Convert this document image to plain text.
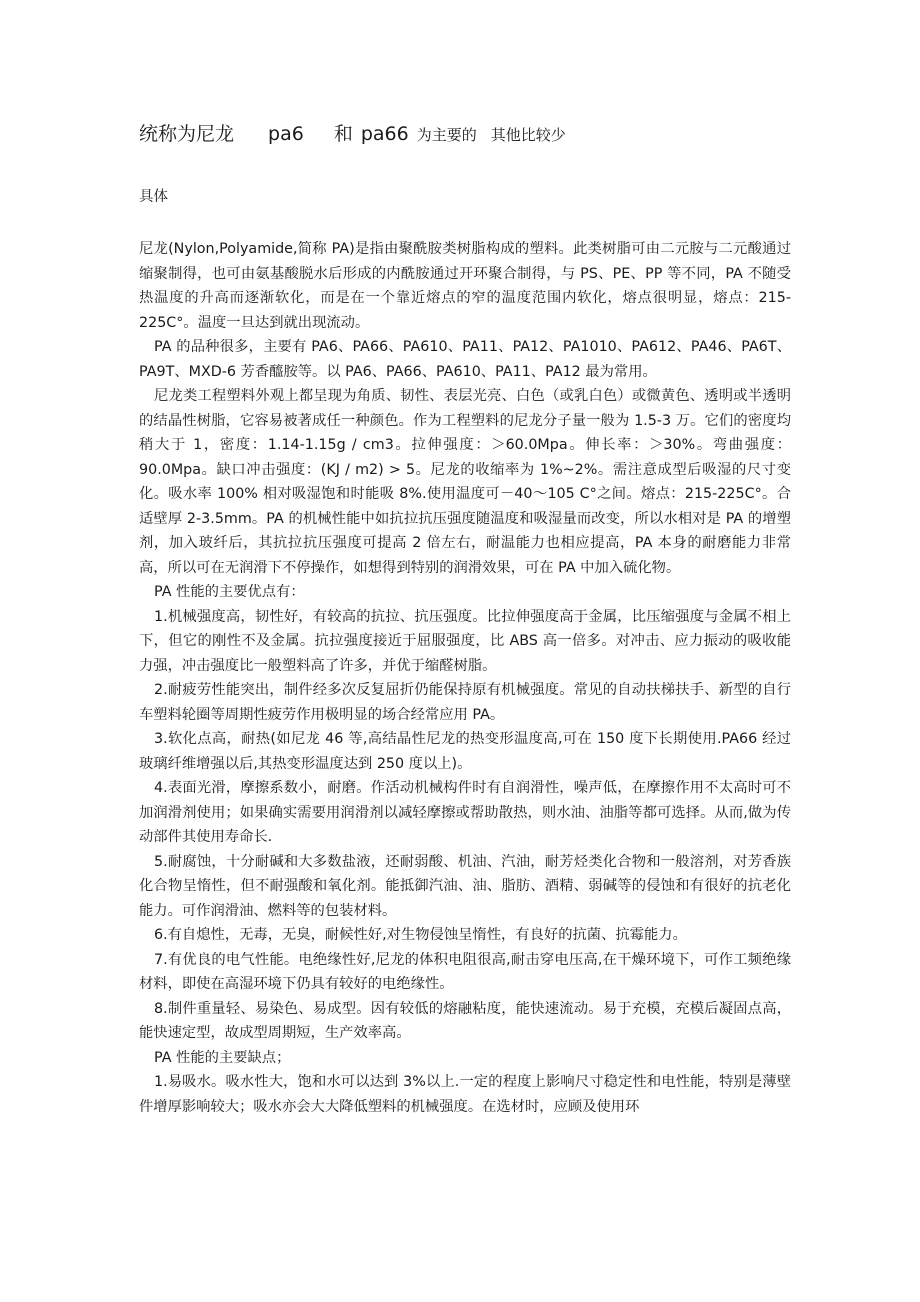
统称为尼龙 pa6 和 pa66 为主要的 其他比较少
具体

尼龙(Nylon,Polyamide,简称 PA)是指由聚酰胺类树脂构成的塑料。此类树脂可由二元胺与二元酸通过缩聚制得，也可由氨基酸脱水后形成的内酰胺通过开环聚合制得，与 PS、PE、PP 等不同，PA 不随受热温度的升高而逐渐软化，而是在一个靠近熔点的窄的温度范围内软化，熔点很明显，熔点：215-225C°。温度一旦达到就出现流动。

PA 的品种很多，主要有 PA6、PA66、PA610、PA11、PA12、PA1010、PA612、PA46、PA6T、PA9T、MXD-6 芳香醯胺等。以 PA6、PA66、PA610、PA11、PA12 最为常用。

尼龙类工程塑料外观上都呈现为角质、韧性、表层光亮、白色（或乳白色）或微黄色、透明或半透明的结晶性树脂，它容易被著成任一种颜色。作为工程塑料的尼龙分子量一般为 1.5-3 万。它们的密度均稍大于 1，密度：1.14-1.15g / cm3。拉伸强度：＞60.0Mpa。伸长率：＞30%。弯曲强度：90.0Mpa。缺口冲击强度：(KJ / m2) > 5。尼龙的收缩率为 1%~2%。需注意成型后吸湿的尺寸变化。吸水率 100% 相对吸湿饱和时能吸 8%.使用温度可－40～105 C°之间。熔点：215-225C°。合适壁厚 2-3.5mm。PA 的机械性能中如抗拉抗压强度随温度和吸湿量而改变，所以水相对是 PA 的增塑剂，加入玻纤后，其抗拉抗压强度可提高 2 倍左右，耐温能力也相应提高，PA 本身的耐磨能力非常高，所以可在无润滑下不停操作，如想得到特别的润滑效果，可在 PA 中加入硫化物。

PA 性能的主要优点有：

1.机械强度高，韧性好，有较高的抗拉、抗压强度。比拉伸强度高于金属，比压缩强度与金属不相上下，但它的刚性不及金属。抗拉强度接近于屈服强度，比 ABS 高一倍多。对冲击、应力振动的吸收能力强，冲击强度比一般塑料高了许多，并优于缩醛树脂。

2.耐疲劳性能突出，制件经多次反复屈折仍能保持原有机械强度。常见的自动扶梯扶手、新型的自行车塑料轮圈等周期性疲劳作用极明显的场合经常应用 PA。

3.软化点高，耐热(如尼龙 46 等,高结晶性尼龙的热变形温度高,可在 150 度下长期使用.PA66 经过玻璃纤维增强以后,其热变形温度达到 250 度以上)。

4.表面光滑，摩擦系数小，耐磨。作活动机械构件时有自润滑性，噪声低，在摩擦作用不太高时可不加润滑剂使用；如果确实需要用润滑剂以减轻摩擦或帮助散热，则水油、油脂等都可选择。从而,做为传动部件其使用寿命长.

5.耐腐蚀，十分耐碱和大多数盐液，还耐弱酸、机油、汽油，耐芳烃类化合物和一般溶剂，对芳香族化合物呈惰性，但不耐强酸和氧化剂。能抵御汽油、油、脂肪、酒精、弱碱等的侵蚀和有很好的抗老化能力。可作润滑油、燃料等的包装材料。

6.有自熄性，无毒，无臭，耐候性好,对生物侵蚀呈惰性，有良好的抗菌、抗霉能力。

7.有优良的电气性能。电绝缘性好,尼龙的体积电阻很高,耐击穿电压高,在干燥环境下，可作工频绝缘材料，即使在高湿环境下仍具有较好的电绝缘性。

8.制件重量轻、易染色、易成型。因有较低的熔融粘度，能快速流动。易于充模，充模后凝固点高，能快速定型，故成型周期短，生产效率高。

PA 性能的主要缺点；

1.易吸水。吸水性大，饱和水可以达到 3%以上.一定的程度上影响尺寸稳定性和电性能，特别是薄壁件增厚影响较大；吸水亦会大大降低塑料的机械强度。在选材时，应顾及使用环
